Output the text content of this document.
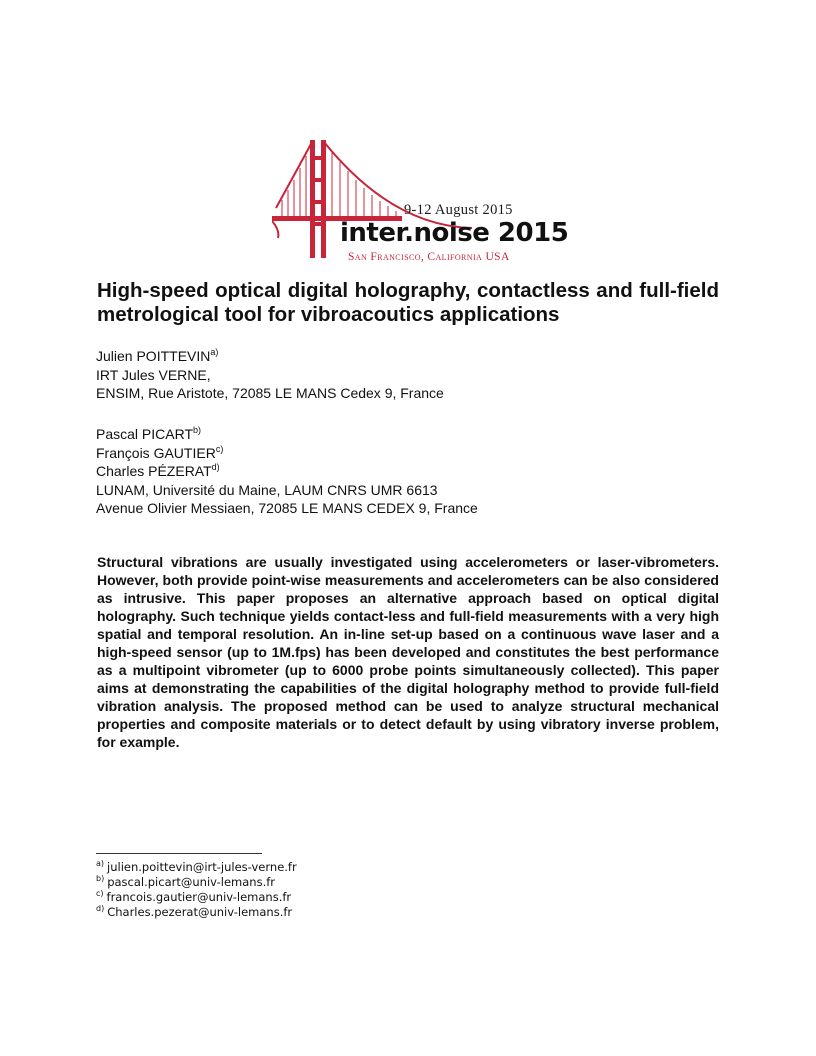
9-12 August 2015
inter.noise 2015
San Francisco, California USA
High-speed optical digital holography, contactless and full-field metrological tool for vibroacoutics applications
Julien POITTEVIN$^{a)}$
IRT Jules VERNE,
ENSIM, Rue Aristote, 72085 LE MANS Cedex 9, France
Pascal PICART$^{b)}$
François GAUTIER$^{c)}$
Charles PÉZERAT$^{d)}$
LUNAM, Université du Maine, LAUM CNRS UMR 6613
Avenue Olivier Messiaen, 72085 LE MANS CEDEX 9, France

Structural vibrations are usually investigated using accelerometers or laser-vibrometers. However, both provide point-wise measurements and accelerometers can be also considered as intrusive. This paper proposes an alternative approach based on optical digital holography. Such technique yields contact-less and full-field measurements with a very high spatial and temporal resolution. An in-line set-up based on a continuous wave laser and a high-speed sensor (up to 1M.fps) has been developed and constitutes the best performance as a multipoint vibrometer (up to 6000 probe points simultaneously collected). This paper aims at demonstrating the capabilities of the digital holography method to provide full-field vibration analysis. The proposed method can be used to analyze structural mechanical properties and composite materials or to detect default by using vibratory inverse problem, for example.

$^{a)}$ julien.poittevin@irt-jules-verne.fr
$^{b)}$ pascal.picart@univ-lemans.fr
$^{c)}$ francois.gautier@univ-lemans.fr
$^{d)}$ Charles.pezerat@univ-lemans.fr
